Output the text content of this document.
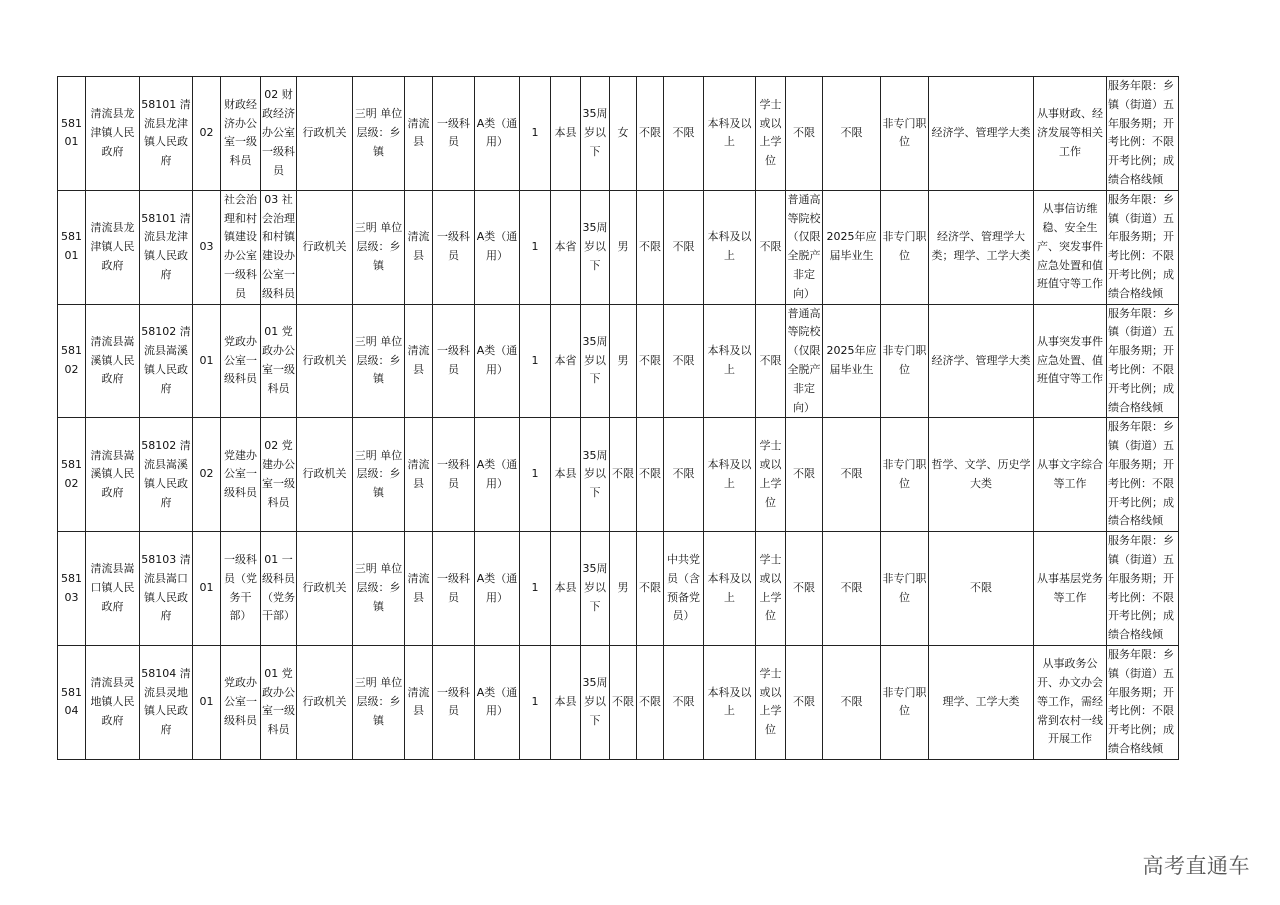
58101	清流县龙津镇人民政府	58101 清流县龙津镇人民政府	02	财政经济办公室一级科员	02 财政经济办公室一级科员	行政机关	三明 单位层级：乡镇	清流县	一级科员	A类（通用）	1	本县	35周岁以下	女	不限	不限	本科及以上	学士或以上学位	不限	不限	非专门职位	经济学、管理学大类	从事财政、经济发展等相关工作	服务年限：乡镇（街道）五年服务期；开考比例：不限开考比例；成绩合格线倾
58101	清流县龙津镇人民政府	58101 清流县龙津镇人民政府	03	社会治理和村镇建设办公室一级科员	03 社会治理和村镇建设办公室一级科员	行政机关	三明 单位层级：乡镇	清流县	一级科员	A类（通用）	1	本省	35周岁以下	男	不限	不限	本科及以上	不限	普通高等院校（仅限全脱产非定向）	2025年应届毕业生	非专门职位	经济学、管理学大类；理学、工学大类	从事信访维稳、安全生产、突发事件应急处置和值班值守等工作	服务年限：乡镇（街道）五年服务期；开考比例：不限开考比例；成绩合格线倾
58102	清流县嵩溪镇人民政府	58102 清流县嵩溪镇人民政府	01	党政办公室一级科员	01 党政办公室一级科员	行政机关	三明 单位层级：乡镇	清流县	一级科员	A类（通用）	1	本省	35周岁以下	男	不限	不限	本科及以上	不限	普通高等院校（仅限全脱产非定向）	2025年应届毕业生	非专门职位	经济学、管理学大类	从事突发事件应急处置、值班值守等工作	服务年限：乡镇（街道）五年服务期；开考比例：不限开考比例；成绩合格线倾
58102	清流县嵩溪镇人民政府	58102 清流县嵩溪镇人民政府	02	党建办公室一级科员	02 党建办公室一级科员	行政机关	三明 单位层级：乡镇	清流县	一级科员	A类（通用）	1	本县	35周岁以下	不限	不限	不限	本科及以上	学士或以上学位	不限	不限	非专门职位	哲学、文学、历史学大类	从事文字综合等工作	服务年限：乡镇（街道）五年服务期；开考比例：不限开考比例；成绩合格线倾
58103	清流县嵩口镇人民政府	58103 清流县嵩口镇人民政府	01	一级科员（党务干部）	01 一级科员（党务干部）	行政机关	三明 单位层级：乡镇	清流县	一级科员	A类（通用）	1	本县	35周岁以下	男	不限	中共党员（含预备党员）	本科及以上	学士或以上学位	不限	不限	非专门职位	不限	从事基层党务等工作	服务年限：乡镇（街道）五年服务期；开考比例：不限开考比例；成绩合格线倾
58104	清流县灵地镇人民政府	58104 清流县灵地镇人民政府	01	党政办公室一级科员	01 党政办公室一级科员	行政机关	三明 单位层级：乡镇	清流县	一级科员	A类（通用）	1	本县	35周岁以下	不限	不限	不限	本科及以上	学士或以上学位	不限	不限	非专门职位	理学、工学大类	从事政务公开、办文办会等工作，需经常到农村一线开展工作	服务年限：乡镇（街道）五年服务期；开考比例：不限开考比例；成绩合格线倾
高考直通车
